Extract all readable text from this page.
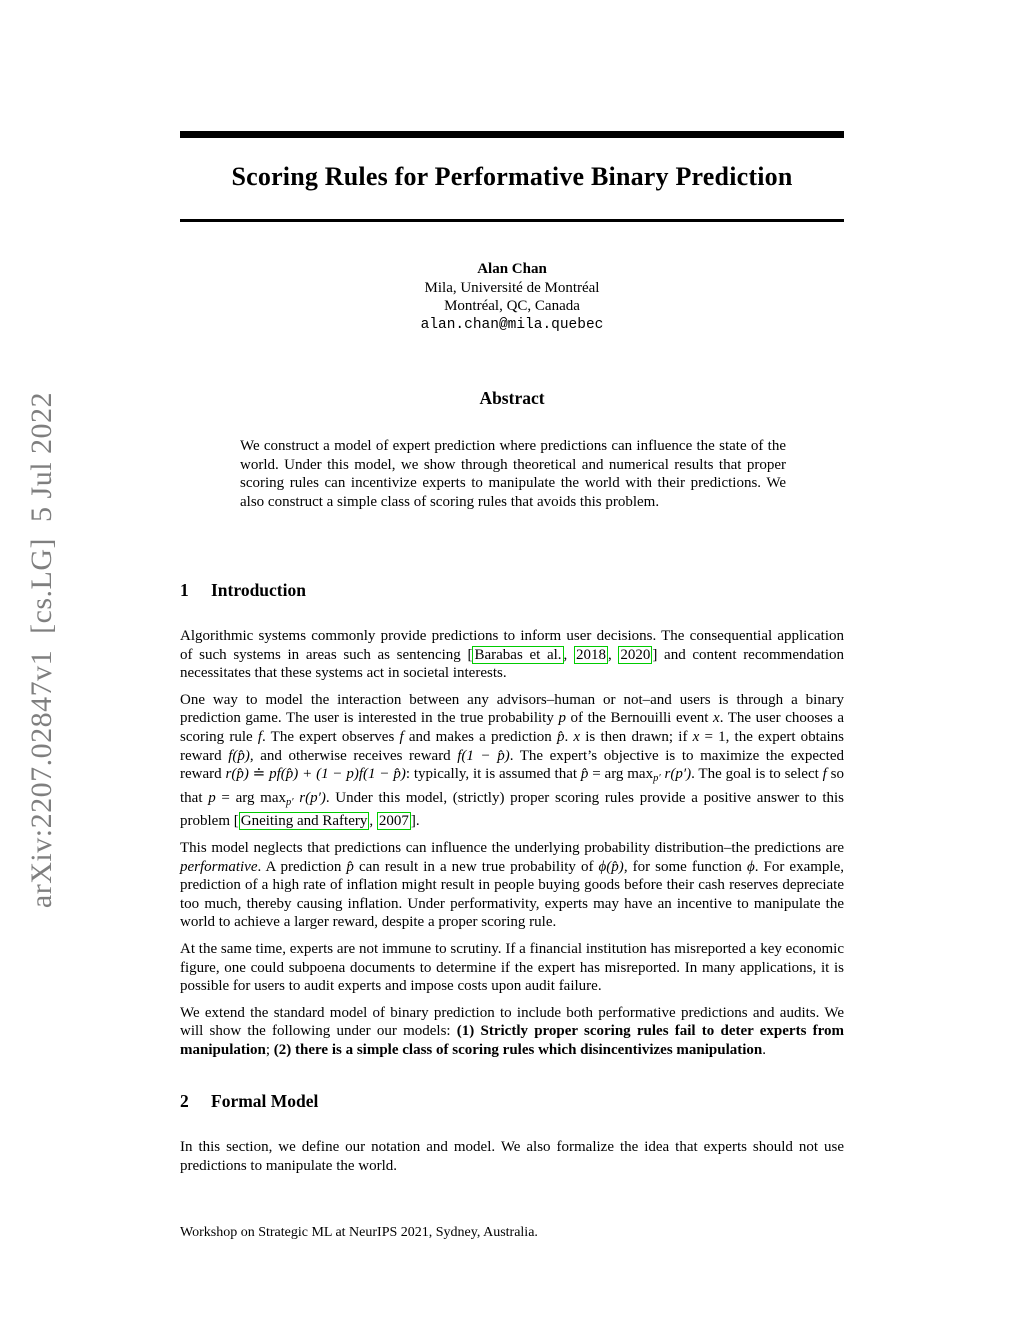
arXiv:2207.02847v1  [cs.LG]  5 Jul 2022
Scoring Rules for Performative Binary Prediction
Alan Chan
Mila, Université de Montréal
Montréal, QC, Canada
alan.chan@mila.quebec
Abstract
We construct a model of expert prediction where predictions can influence the state of the world. Under this model, we show through theoretical and numerical results that proper scoring rules can incentivize experts to manipulate the world with their predictions. We also construct a simple class of scoring rules that avoids this problem.
1 Introduction

Algorithmic systems commonly provide predictions to inform user decisions. The consequential application of such systems in areas such as sentencing [ Barabas et al. , 2018 , 2020 ] and content recommendation necessitates that these systems act in societal interests.

One way to model the interaction between any advisors–human or not–and users is through a binary prediction game. The user is interested in the true probability p of the Bernouilli event x. The user chooses a scoring rule f. The expert observes f and makes a prediction p̂. x is then drawn; if x = 1, the expert obtains reward f(p̂), and otherwise receives reward f(1 − p̂). The expert’s objective is to maximize the expected reward r(p̂) ≐ pf(p̂) + (1 − p)f(1 − p̂): typically, it is assumed that p̂ = arg $\max_{p'} r(p')$. The goal is to select f so that p = arg $\max_{p'} r(p')$. Under this model, (strictly) proper scoring rules provide a positive answer to this problem [ Gneiting and Raftery , 2007 ].

This model neglects that predictions can influence the underlying probability distribution–the predictions are performative. A prediction p̂ can result in a new true probability of ϕ(p̂), for some function ϕ. For example, prediction of a high rate of inflation might result in people buying goods before their cash reserves depreciate too much, thereby causing inflation. Under performativity, experts may have an incentive to manipulate the world to achieve a larger reward, despite a proper scoring rule.

At the same time, experts are not immune to scrutiny. If a financial institution has misreported a key economic figure, one could subpoena documents to determine if the expert has misreported. In many applications, it is possible for users to audit experts and impose costs upon audit failure.

We extend the standard model of binary prediction to include both performative predictions and audits. We will show the following under our models: (1) Strictly proper scoring rules fail to deter experts from manipulation; (2) there is a simple class of scoring rules which disincentivizes manipulation.

2 Formal Model

In this section, we define our notation and model. We also formalize the idea that experts should not use predictions to manipulate the world.

Workshop on Strategic ML at NeurIPS 2021, Sydney, Australia.
